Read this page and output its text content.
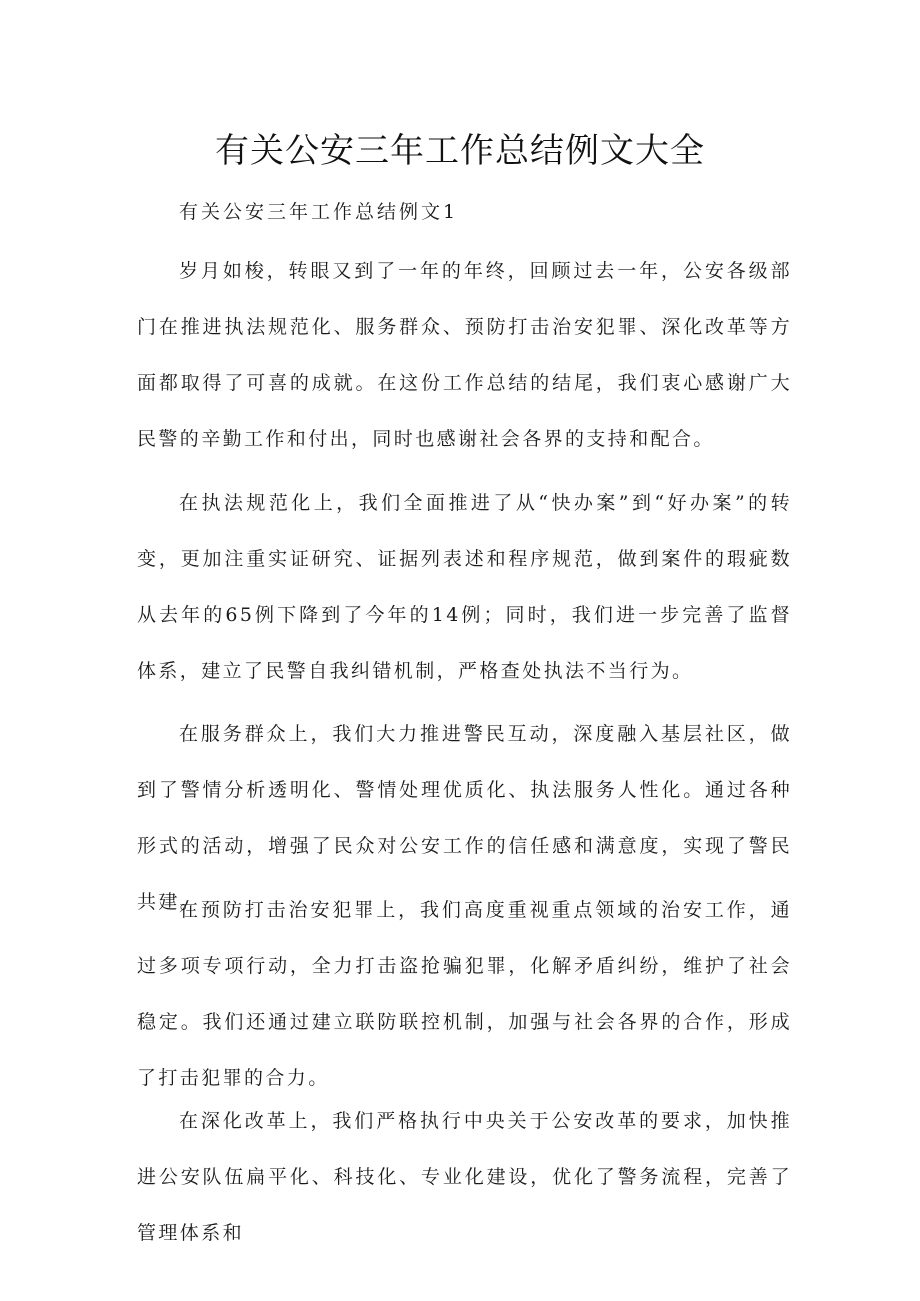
有关公安三年工作总结例文大全

有关公安三年工作总结例文1

岁月如梭，转眼又到了一年的年终，回顾过去一年，公安各级部门在推进执法规范化、服务群众、预防打击治安犯罪、深化改革等方面都取得了可喜的成就。在这份工作总结的结尾，我们衷心感谢广大民警的辛勤工作和付出，同时也感谢社会各界的支持和配合。

在执法规范化上，我们全面推进了从“快办案”到“好办案”的转变，更加注重实证研究、证据列表述和程序规范，做到案件的瑕疵数从去年的65例下降到了今年的14例；同时，我们进一步完善了监督体系，建立了民警自我纠错机制，严格查处执法不当行为。

在服务群众上，我们大力推进警民互动，深度融入基层社区，做到了警情分析透明化、警情处理优质化、执法服务人性化。通过各种形式的活动，增强了民众对公安工作的信任感和满意度，实现了警民共建。

在预防打击治安犯罪上，我们高度重视重点领域的治安工作，通过多项专项行动，全力打击盗抢骗犯罪，化解矛盾纠纷，维护了社会稳定。我们还通过建立联防联控机制，加强与社会各界的合作，形成了打击犯罪的合力。

在深化改革上，我们严格执行中央关于公安改革的要求，加快推进公安队伍扁平化、科技化、专业化建设，优化了警务流程，完善了管理体系和
